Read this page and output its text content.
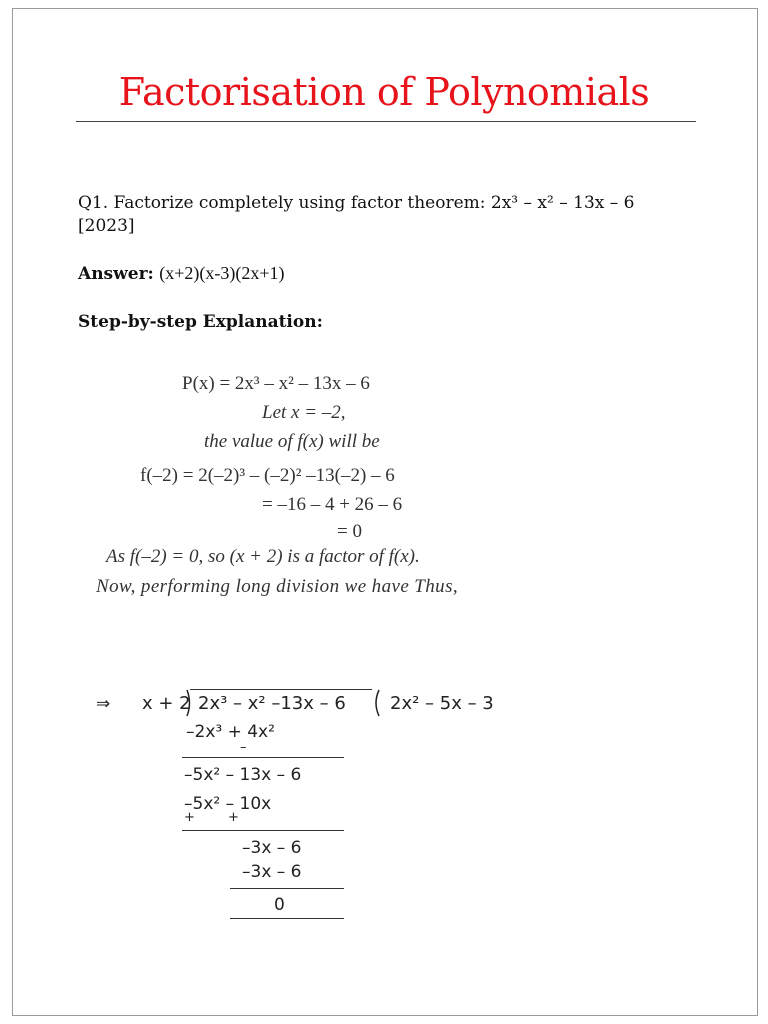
Factorisation of Polynomials
Q1. Factorize completely using factor theorem: 2x³ – x² – 13x – 6
[2023]
Answer: (x+2)(x-3)(2x+1)
Step-by-step Explanation:
P(x) = 2x³ – x² – 13x – 6
Let x = –2,
the value of f(x) will be
f(–2) = 2(–2)³ – (–2)² –13(–2) – 6
= –16 – 4 + 26 – 6
= 0
As f(–2) = 0, so (x + 2) is a factor of f(x).
Now, performing long division we have Thus,
⇒ x + 2 2x³ – x² –13x – 6 2x² – 5x – 3
–2x³ + 4x²
–
–5x² – 13x – 6
–5x² – 10x
+        +
–3x – 6
–3x – 6
0
